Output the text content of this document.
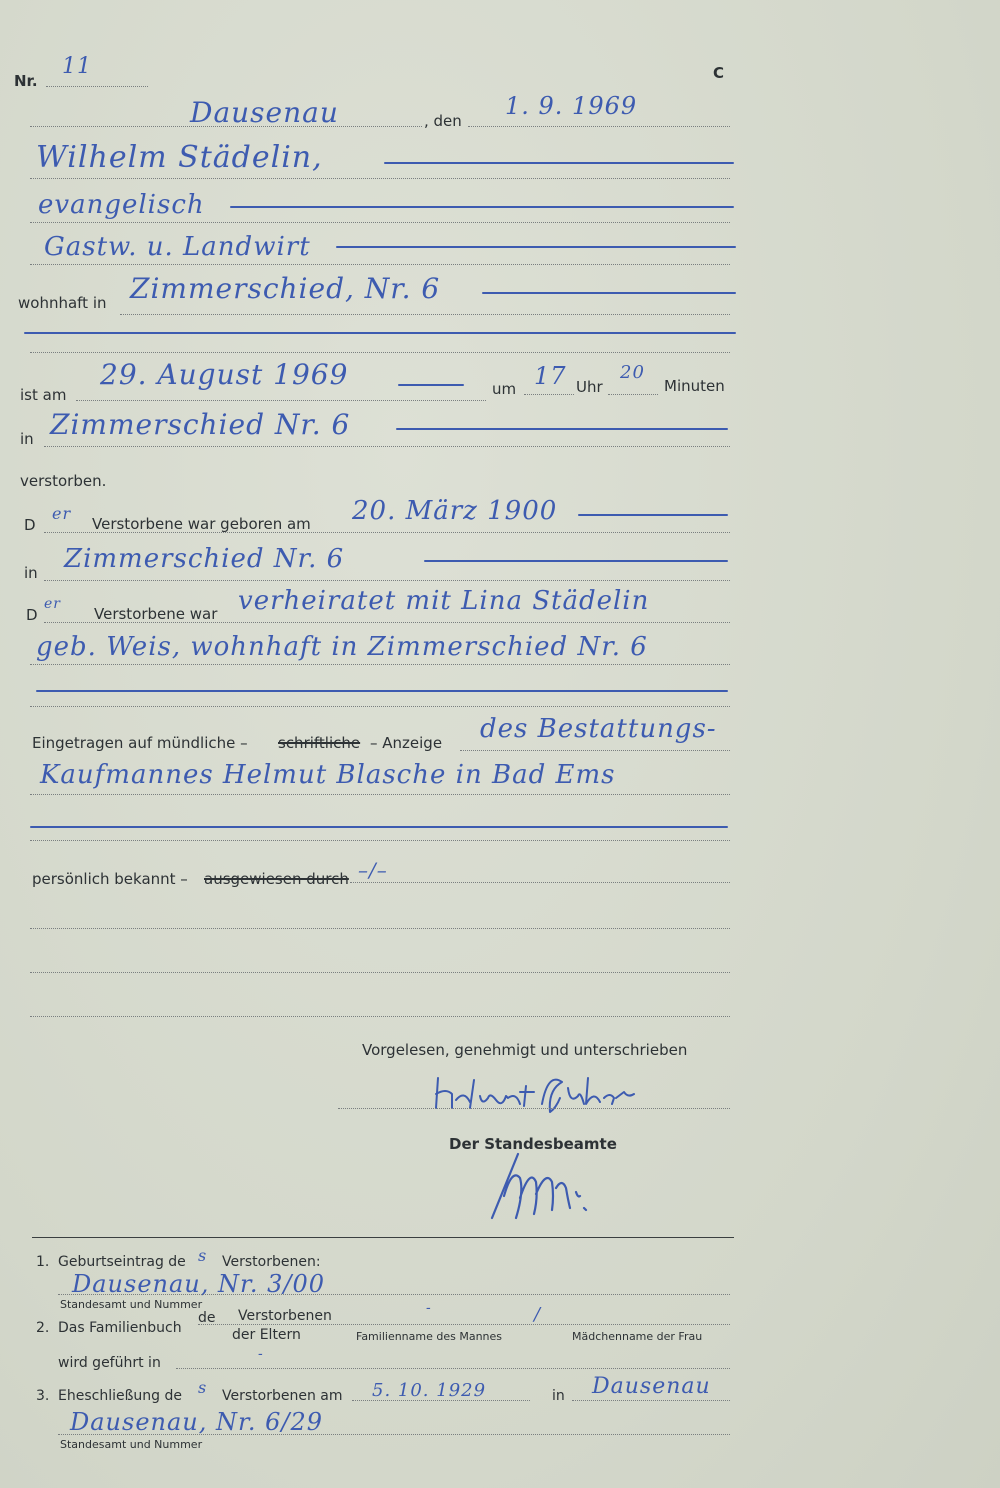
Nr.
11	C
Dausenau	, den
1. 9. 1969
Wilhelm Städelin,
evangelisch
Gastw. u. Landwirt
wohnhaft in Zimmerschied, Nr. 6
ist am
29. August 1969	um 17 Uhr
20
Minuten
in Zimmerschied Nr. 6
verstorben.
D
er
Verstorbene war geboren am 20. März 1900
in Zimmerschied Nr. 6
D
er
Verstorbene war verheiratet mit Lina Städelin
geb. Weis, wohnhaft in Zimmerschied Nr. 6
Eingetragen auf mündliche – schriftliche – Anzeige des Bestattungs-
Kaufmannes Helmut Blasche in Bad Ems
persönlich bekannt – ausgewiesen durch –/–
Vorgelesen, genehmigt und unterschrieben
Der Standesbeamte
1. Geburtseintrag de s Verstorbenen:
Dausenau, Nr. 3/00
Standesamt und Nummer
2. Das Familienbuch
de Verstorbenen	-	/
der Eltern	Familienname des Mannes	Mädchenname der Frau
wird geführt in
-
3. Eheschließung de s Verstorbenen am 5. 10. 1929	in Dausenau
Dausenau, Nr. 6/29
Standesamt und Nummer
